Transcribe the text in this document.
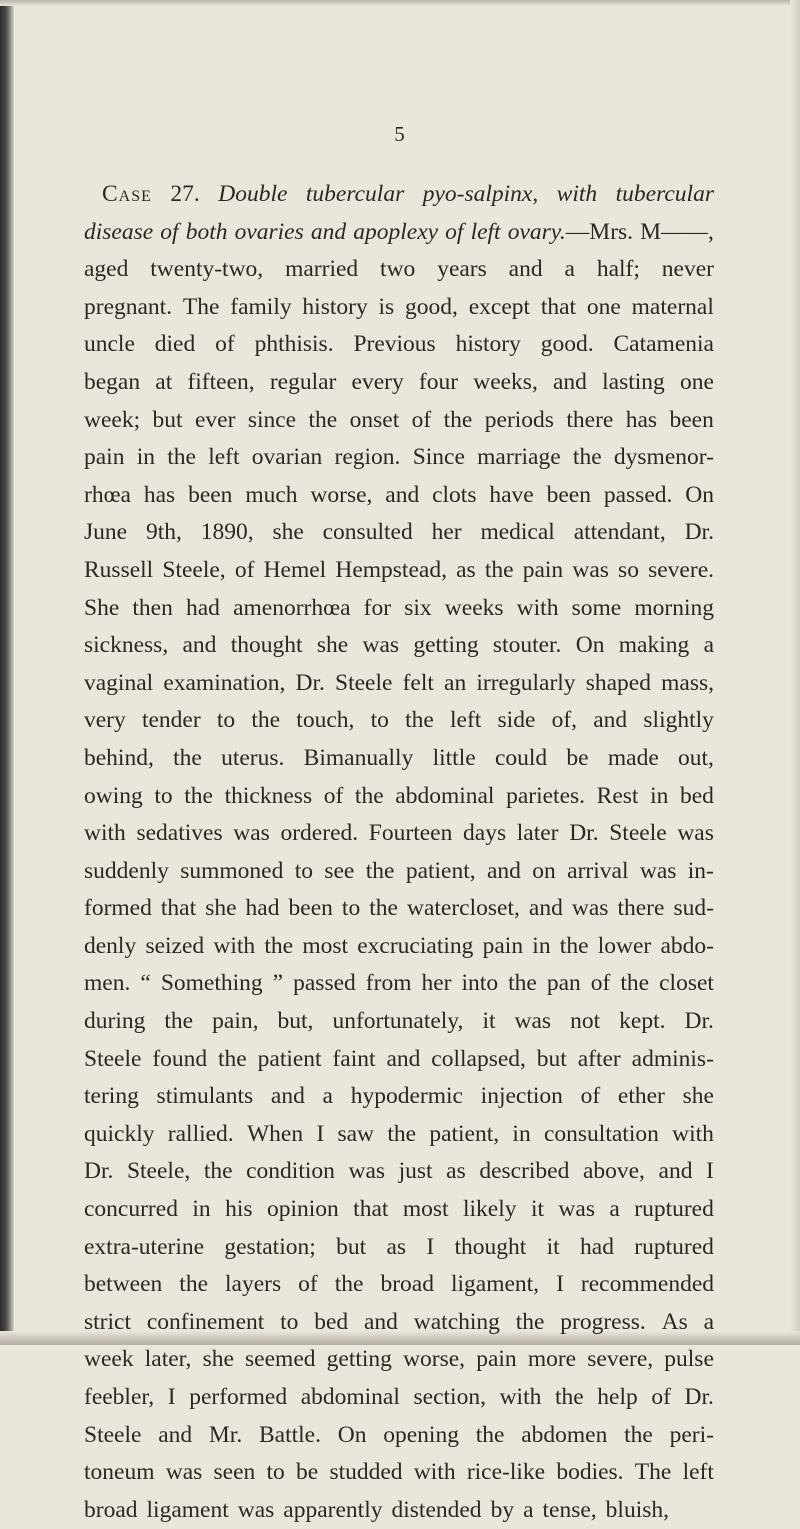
5
Case 27. Double tubercular pyo-salpinx, with tubercular
disease of both ovaries and apoplexy of left ovary.—Mrs. M——,
aged twenty-two, married two years and a half; never
pregnant. The family history is good, except that one maternal
uncle died of phthisis. Previous history good. Catamenia
began at fifteen, regular every four weeks, and lasting one
week; but ever since the onset of the periods there has been
pain in the left ovarian region. Since marriage the dysmenor-
rhœa has been much worse, and clots have been passed. On
June 9th, 1890, she consulted her medical attendant, Dr.
Russell Steele, of Hemel Hempstead, as the pain was so severe.
She then had amenorrhœa for six weeks with some morning
sickness, and thought she was getting stouter. On making a
vaginal examination, Dr. Steele felt an irregularly shaped mass,
very tender to the touch, to the left side of, and slightly
behind, the uterus. Bimanually little could be made out,
owing to the thickness of the abdominal parietes. Rest in bed
with sedatives was ordered. Fourteen days later Dr. Steele was
suddenly summoned to see the patient, and on arrival was in-
formed that she had been to the watercloset, and was there sud-
denly seized with the most excruciating pain in the lower abdo-
men. “ Something ” passed from her into the pan of the closet
during the pain, but, unfortunately, it was not kept. Dr.
Steele found the patient faint and collapsed, but after adminis-
tering stimulants and a hypodermic injection of ether she
quickly rallied. When I saw the patient, in consultation with
Dr. Steele, the condition was just as described above, and I
concurred in his opinion that most likely it was a ruptured
extra-uterine gestation; but as I thought it had ruptured
between the layers of the broad ligament, I recommended
strict confinement to bed and watching the progress. As a
week later, she seemed getting worse, pain more severe, pulse
feebler, I performed abdominal section, with the help of Dr.
Steele and Mr. Battle. On opening the abdomen the peri-
toneum was seen to be studded with rice-like bodies. The left
broad ligament was apparently distended by a tense, bluish,
